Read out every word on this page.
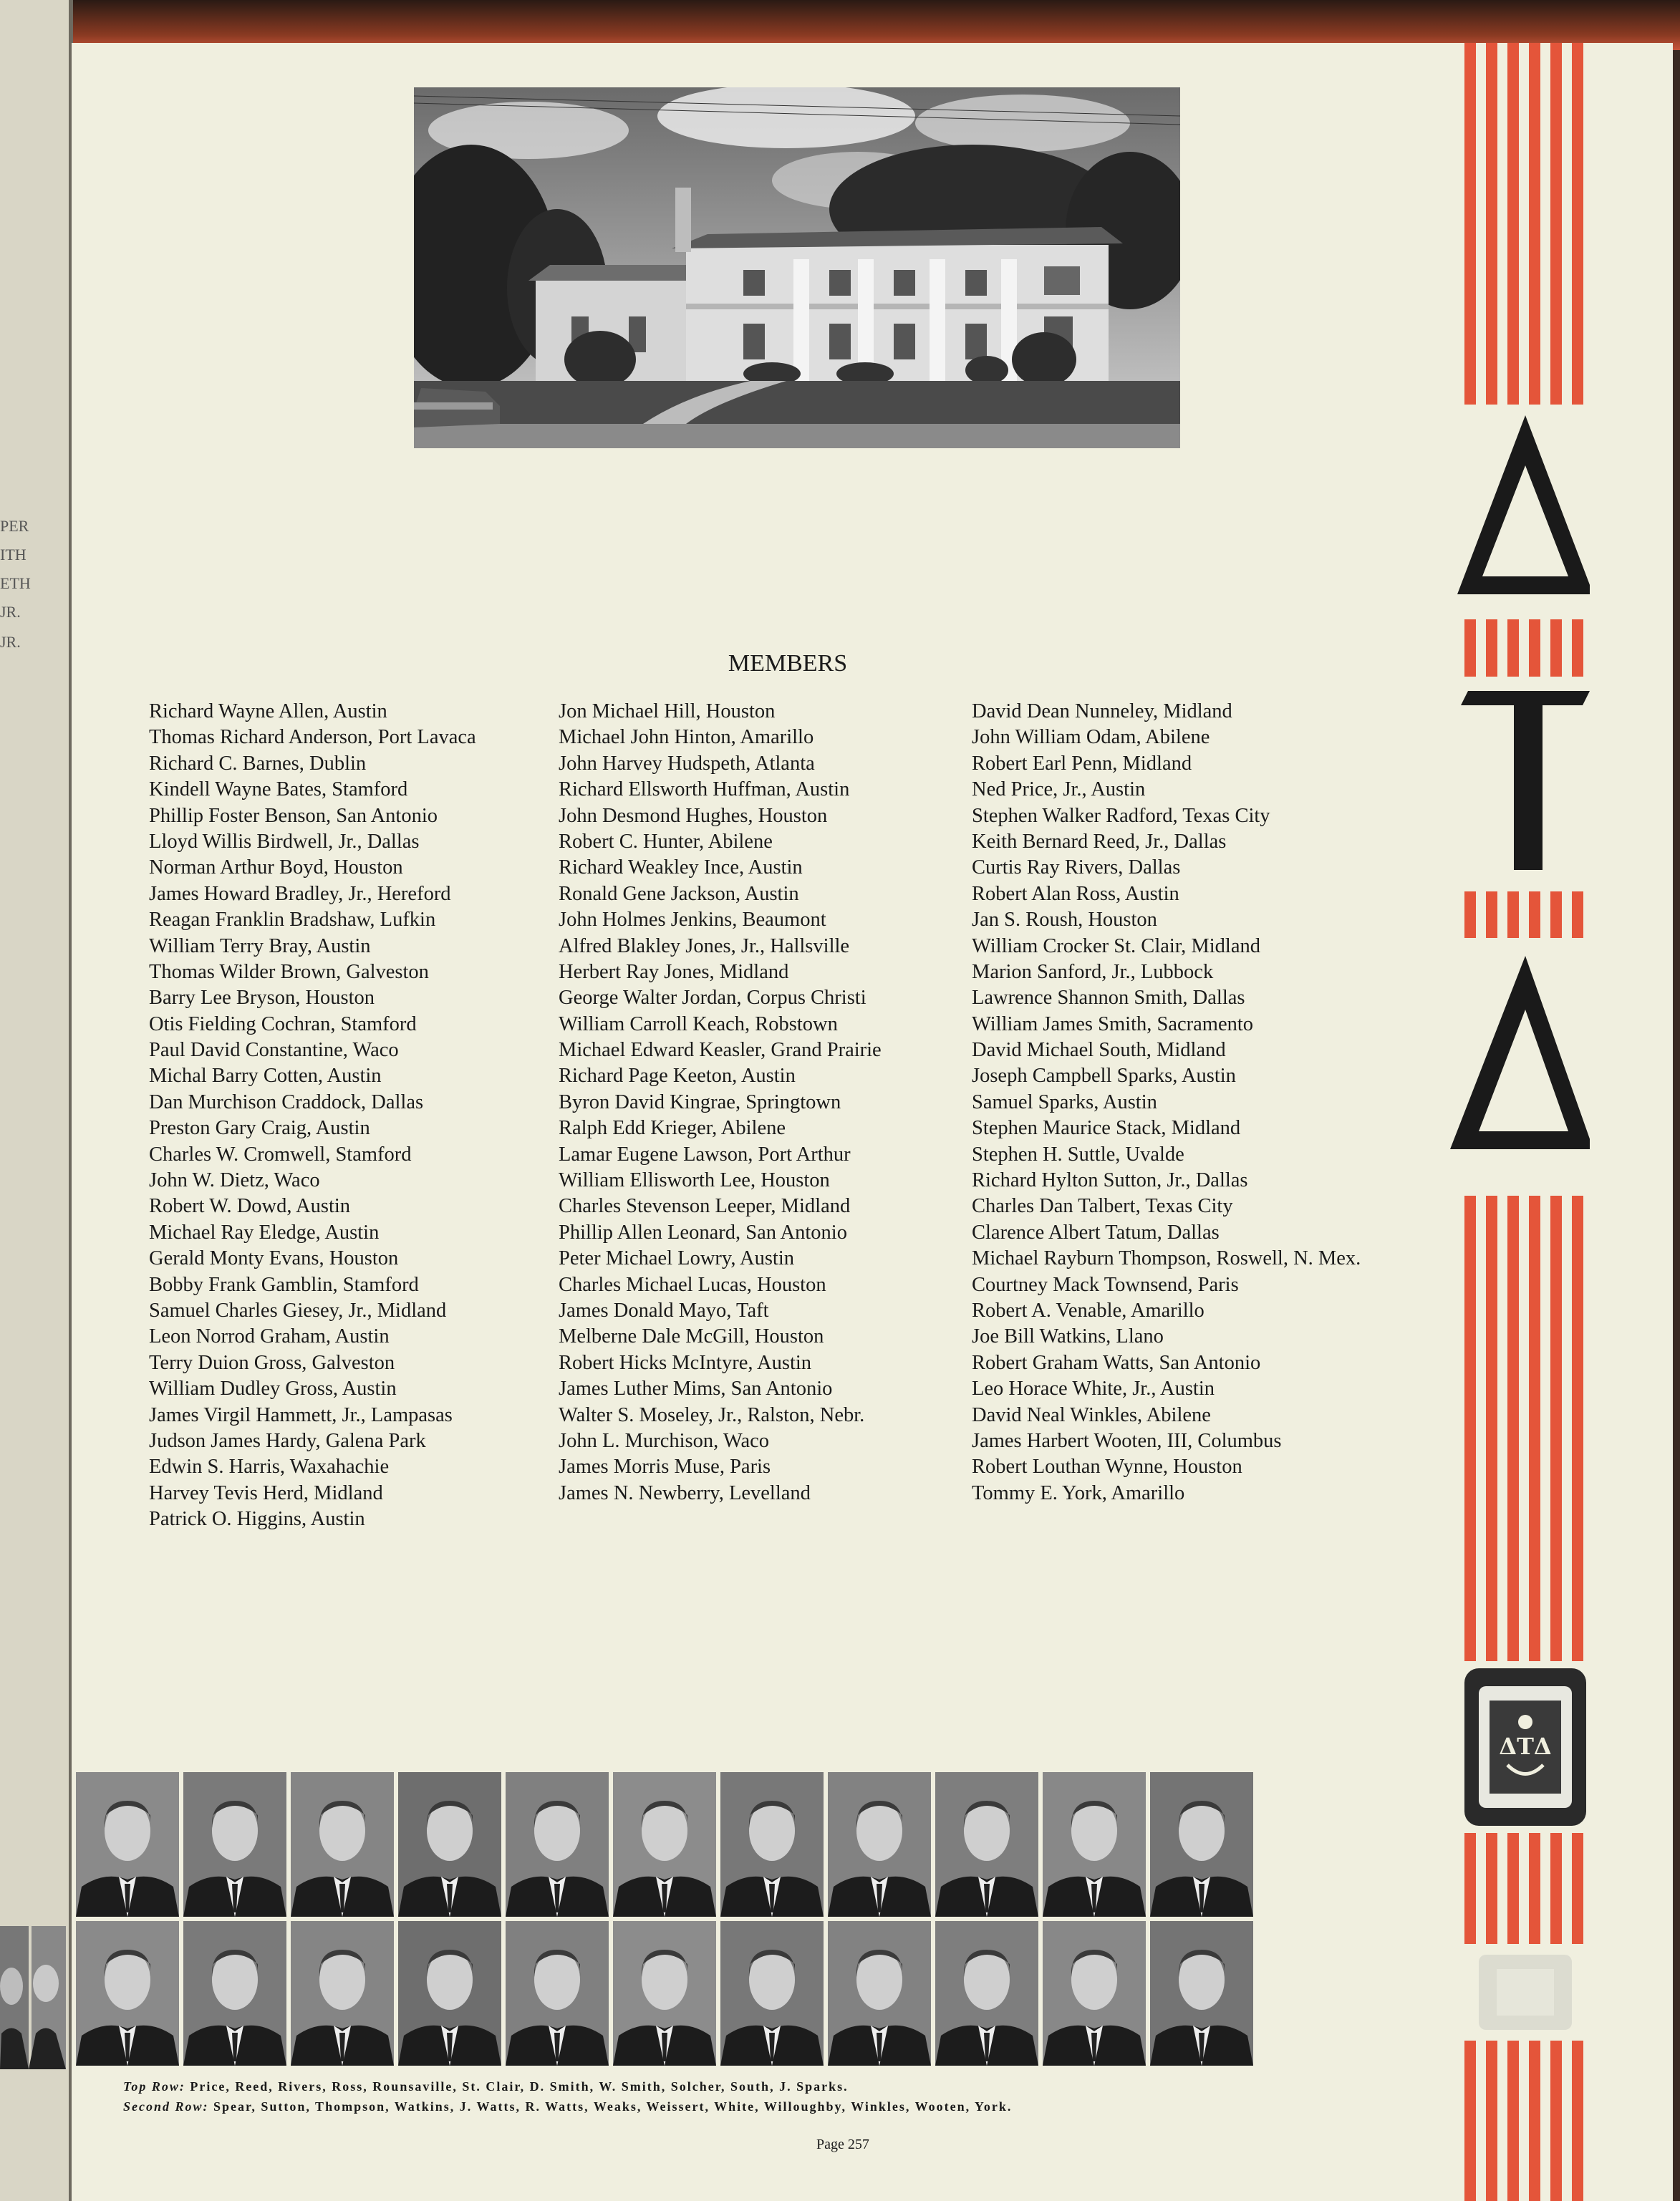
PER
ITH
ETH
JR.
JR.
MEMBERS
Richard Wayne Allen, Austin
Thomas Richard Anderson, Port Lavaca
Richard C. Barnes, Dublin
Kindell Wayne Bates, Stamford
Phillip Foster Benson, San Antonio
Lloyd Willis Birdwell, Jr., Dallas
Norman Arthur Boyd, Houston
James Howard Bradley, Jr., Hereford
Reagan Franklin Bradshaw, Lufkin
William Terry Bray, Austin
Thomas Wilder Brown, Galveston
Barry Lee Bryson, Houston
Otis Fielding Cochran, Stamford
Paul David Constantine, Waco
Michal Barry Cotten, Austin
Dan Murchison Craddock, Dallas
Preston Gary Craig, Austin
Charles W. Cromwell, Stamford
John W. Dietz, Waco
Robert W. Dowd, Austin
Michael Ray Eledge, Austin
Gerald Monty Evans, Houston
Bobby Frank Gamblin, Stamford
Samuel Charles Giesey, Jr., Midland
Leon Norrod Graham, Austin
Terry Duion Gross, Galveston
William Dudley Gross, Austin
James Virgil Hammett, Jr., Lampasas
Judson James Hardy, Galena Park
Edwin S. Harris, Waxahachie
Harvey Tevis Herd, Midland
Patrick O. Higgins, Austin
Jon Michael Hill, Houston
Michael John Hinton, Amarillo
John Harvey Hudspeth, Atlanta
Richard Ellsworth Huffman, Austin
John Desmond Hughes, Houston
Robert C. Hunter, Abilene
Richard Weakley Ince, Austin
Ronald Gene Jackson, Austin
John Holmes Jenkins, Beaumont
Alfred Blakley Jones, Jr., Hallsville
Herbert Ray Jones, Midland
George Walter Jordan, Corpus Christi
William Carroll Keach, Robstown
Michael Edward Keasler, Grand Prairie
Richard Page Keeton, Austin
Byron David Kingrae, Springtown
Ralph Edd Krieger, Abilene
Lamar Eugene Lawson, Port Arthur
William Ellisworth Lee, Houston
Charles Stevenson Leeper, Midland
Phillip Allen Leonard, San Antonio
Peter Michael Lowry, Austin
Charles Michael Lucas, Houston
James Donald Mayo, Taft
Melberne Dale McGill, Houston
Robert Hicks McIntyre, Austin
James Luther Mims, San Antonio
Walter S. Moseley, Jr., Ralston, Nebr.
John L. Murchison, Waco
James Morris Muse, Paris
James N. Newberry, Levelland
David Dean Nunneley, Midland
John William Odam, Abilene
Robert Earl Penn, Midland
Ned Price, Jr., Austin
Stephen Walker Radford, Texas City
Keith Bernard Reed, Jr., Dallas
Curtis Ray Rivers, Dallas
Robert Alan Ross, Austin
Jan S. Roush, Houston
William Crocker St. Clair, Midland
Marion Sanford, Jr., Lubbock
Lawrence Shannon Smith, Dallas
William James Smith, Sacramento
David Michael South, Midland
Joseph Campbell Sparks, Austin
Samuel Sparks, Austin
Stephen Maurice Stack, Midland
Stephen H. Suttle, Uvalde
Richard Hylton Sutton, Jr., Dallas
Charles Dan Talbert, Texas City
Clarence Albert Tatum, Dallas
Michael Rayburn Thompson, Roswell, N. Mex.
Courtney Mack Townsend, Paris
Robert A. Venable, Amarillo
Joe Bill Watkins, Llano
Robert Graham Watts, San Antonio
Leo Horace White, Jr., Austin
David Neal Winkles, Abilene
James Harbert Wooten, III, Columbus
Robert Louthan Wynne, Houston
Tommy E. York, Amarillo
ΔΤΔ
Top Row: Price, Reed, Rivers, Ross, Rounsaville, St. Clair, D. Smith, W. Smith, Solcher, South, J. Sparks.
Second Row: Spear, Sutton, Thompson, Watkins, J. Watts, R. Watts, Weaks, Weissert, White, Willoughby, Winkles, Wooten, York.
Page 257
